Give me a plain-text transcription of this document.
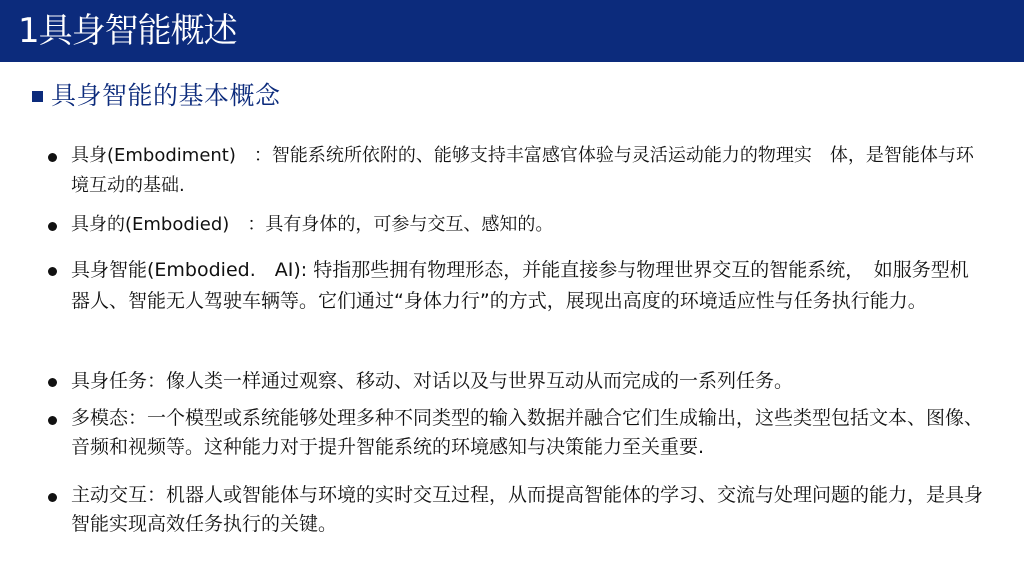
1具身智能概述
具身智能的基本概念
具身(Embodiment)　：智能系统所依附的、能够支持丰富感官体验与灵活运动能力的物理实　体，是智能体与环境互动的基础.
具身的(Embodied)　：具有身体的，可参与交互、感知的。
具身智能(Embodied.　AI): 特指那些拥有物理形态，并能直接参与物理世界交互的智能系统，　如服务型机器人、智能无人驾驶车辆等。它们通过“身体力行”的方式，展现出高度的环境适应性与任务执行能力。
具身任务：像人类一样通过观察、移动、对话以及与世界互动从而完成的一系列任务。
多模态：一个模型或系统能够处理多种不同类型的输入数据并融合它们生成输出，这些类型包括文本、图像、音频和视频等。这种能力对于提升智能系统的环境感知与决策能力至关重要.
主动交互：机器人或智能体与环境的实时交互过程，从而提高智能体的学习、交流与处理问题的能力，是具身智能实现高效任务执行的关键。
